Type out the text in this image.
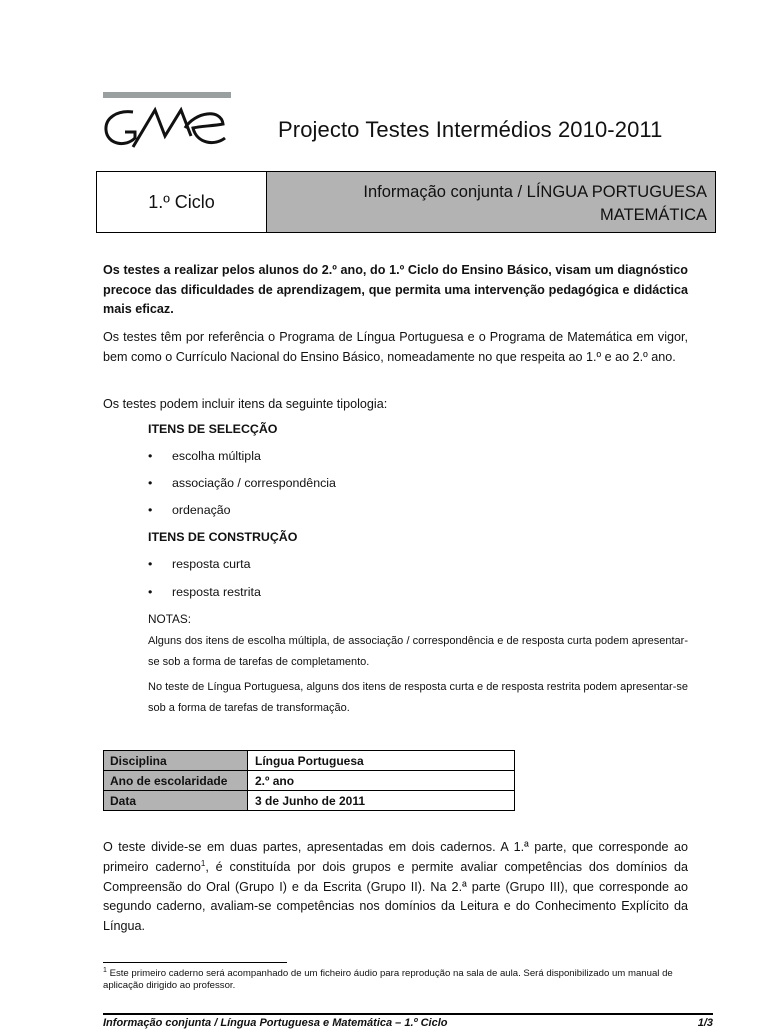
Projecto Testes Intermédios 2010-2011
1.º Ciclo	Informação conjunta / LÍNGUA PORTUGUESA
MATEMÁTICA
Os testes a realizar pelos alunos do 2.º ano, do 1.º Ciclo do Ensino Básico, visam um diagnóstico precoce das dificuldades de aprendizagem, que permita uma intervenção pedagógica e didáctica mais eficaz.
Os testes têm por referência o Programa de Língua Portuguesa e o Programa de Matemática em vigor, bem como o Currículo Nacional do Ensino Básico, nomeadamente no que respeita ao 1.º e ao 2.º ano.
Os testes podem incluir itens da seguinte tipologia:
ITENS DE SELECÇÃO
•	escolha múltipla
•	associação / correspondência
•	ordenação
ITENS DE CONSTRUÇÃO
•	resposta curta
•	resposta restrita
NOTAS:
Alguns dos itens de escolha múltipla, de associação / correspondência e de resposta curta podem apresentar-se sob a forma de tarefas de completamento.
No teste de Língua Portuguesa, alguns dos itens de resposta curta e de resposta restrita podem apresentar-se sob a forma de tarefas de transformação.
Disciplina	Língua Portuguesa
Ano de escolaridade	2.º ano
Data	3 de Junho de 2011
O teste divide-se em duas partes, apresentadas em dois cadernos. A 1.ª parte, que corresponde ao primeiro caderno$^1$, é constituída por dois grupos e permite avaliar competências dos domínios da Compreensão do Oral (Grupo I) e da Escrita (Grupo II). Na 2.ª parte (Grupo III), que corresponde ao segundo caderno, avaliam-se competências nos domínios da Leitura e do Conhecimento Explícito da Língua.
$^1$ Este primeiro caderno será acompanhado de um ficheiro áudio para reprodução na sala de aula. Será disponibilizado um manual de aplicação dirigido ao professor.
Informação conjunta / Língua Portuguesa e Matemática – 1.º Ciclo	1/3
